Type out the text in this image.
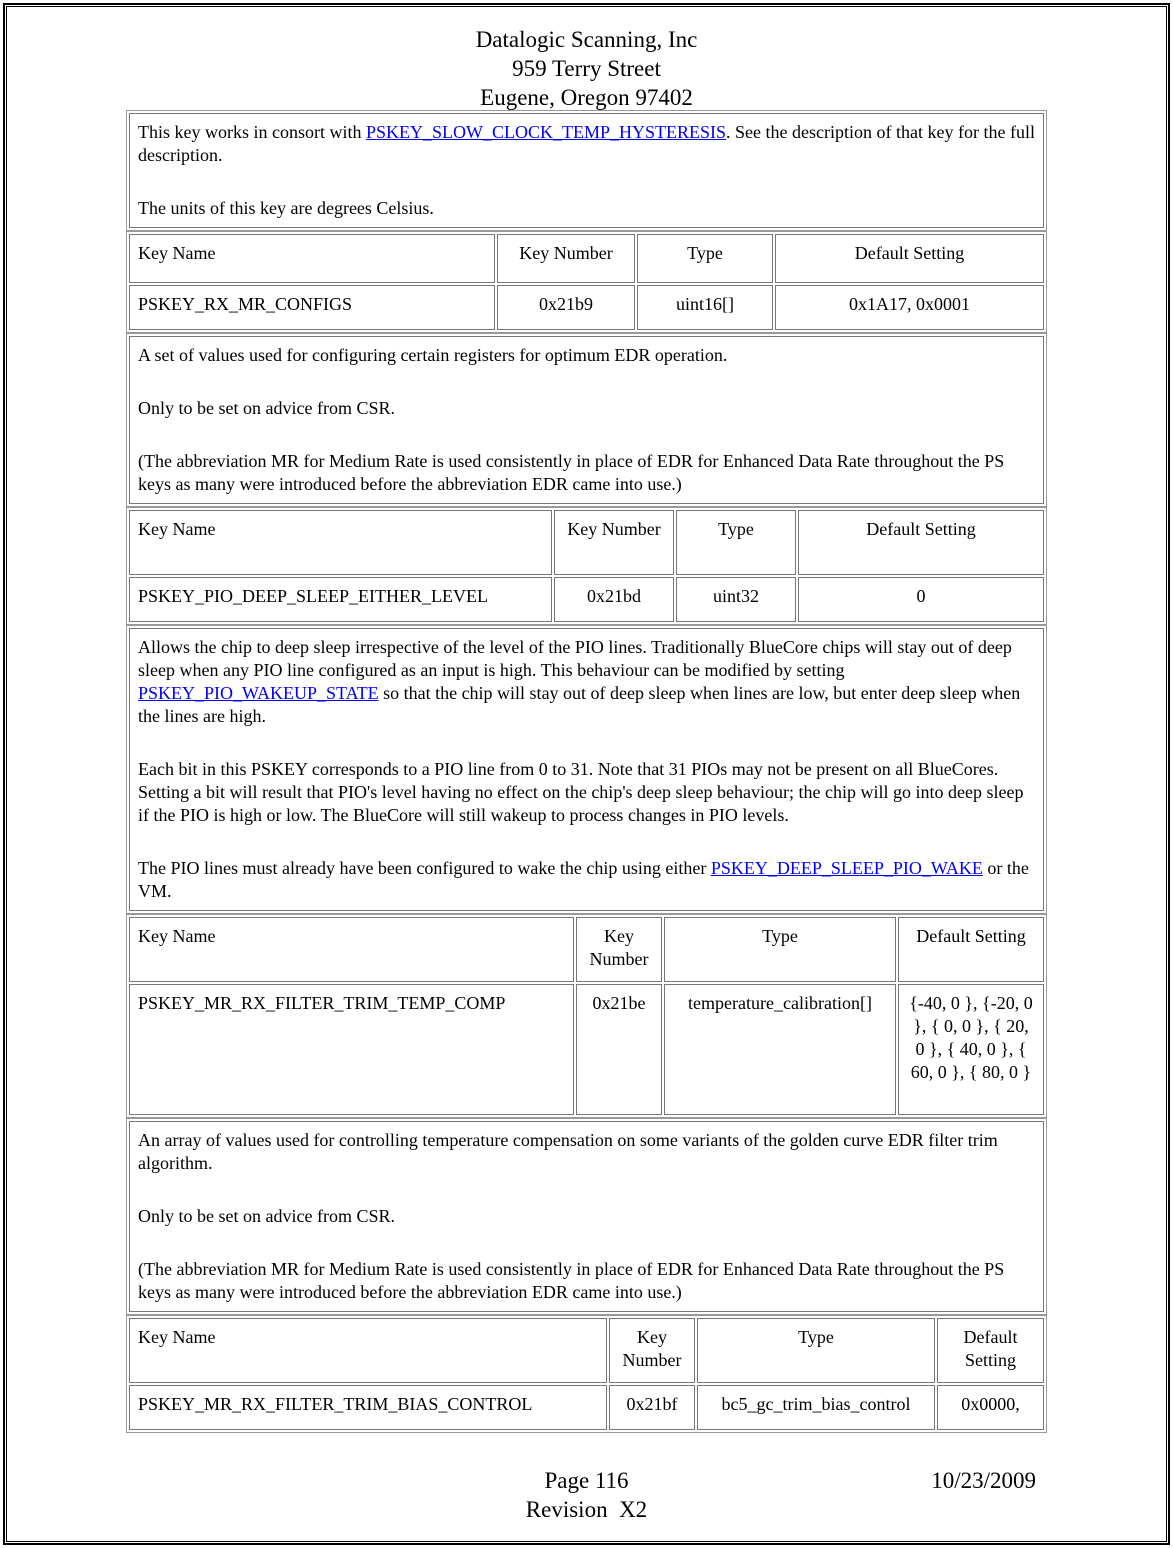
Datalogic Scanning, Inc
959 Terry Street
Eugene, Oregon 97402

This key works in consort with PSKEY_SLOW_CLOCK_TEMP_HYSTERESIS. See the description of that key for the full description.

The units of this key are degrees Celsius.

Key Name	Key Number	Type	Default Setting
PSKEY_RX_MR_CONFIGS	0x21b9	uint16[]	0x1A17, 0x0001

A set of values used for configuring certain registers for optimum EDR operation.

Only to be set on advice from CSR.

(The abbreviation MR for Medium Rate is used consistently in place of EDR for Enhanced Data Rate throughout the PS keys as many were introduced before the abbreviation EDR came into use.)

Key Name	Key Number	Type	Default Setting
PSKEY_PIO_DEEP_SLEEP_EITHER_LEVEL	0x21bd	uint32	0

Allows the chip to deep sleep irrespective of the level of the PIO lines. Traditionally BlueCore chips will stay out of deep sleep when any PIO line configured as an input is high. This behaviour can be modified by setting PSKEY_PIO_WAKEUP_STATE so that the chip will stay out of deep sleep when lines are low, but enter deep sleep when the lines are high.

Each bit in this PSKEY corresponds to a PIO line from 0 to 31. Note that 31 PIOs may not be present on all BlueCores. Setting a bit will result that PIO's level having no effect on the chip's deep sleep behaviour; the chip will go into deep sleep if the PIO is high or low. The BlueCore will still wakeup to process changes in PIO levels.

The PIO lines must already have been configured to wake the chip using either PSKEY_DEEP_SLEEP_PIO_WAKE or the VM.

Key Name	Key Number	Type	Default Setting
PSKEY_MR_RX_FILTER_TRIM_TEMP_COMP	0x21be	temperature_calibration[]	{-40, 0 }, {-20, 0 }, { 0, 0 }, { 20, 0 }, { 40, 0 }, { 60, 0 }, { 80, 0 }

An array of values used for controlling temperature compensation on some variants of the golden curve EDR filter trim algorithm.

Only to be set on advice from CSR.

(The abbreviation MR for Medium Rate is used consistently in place of EDR for Enhanced Data Rate throughout the PS keys as many were introduced before the abbreviation EDR came into use.)

Key Name	Key Number	Type	Default
Setting
PSKEY_MR_RX_FILTER_TRIM_BIAS_CONTROL	0x21bf	bc5_gc_trim_bias_control	0x0000,
Page 116
Revision  X2
10/23/2009
